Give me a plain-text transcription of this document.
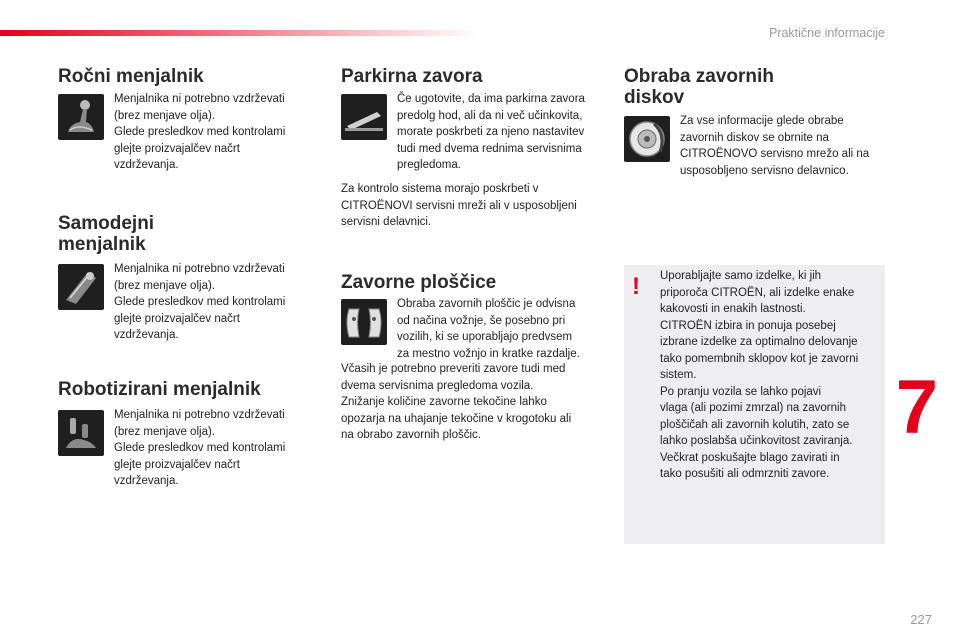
Praktične informacije
Ročni menjalnik
Menjalnika ni potrebno vzdrževati
(brez menjave olja).
Glede presledkov med kontrolami
glejte proizvajalčev načrt
vzdrževanja.
Samodejni
menjalnik
Menjalnika ni potrebno vzdrževati
(brez menjave olja).
Glede presledkov med kontrolami
glejte proizvajalčev načrt
vzdrževanja.
Robotizirani menjalnik
Menjalnika ni potrebno vzdrževati
(brez menjave olja).
Glede presledkov med kontrolami
glejte proizvajalčev načrt
vzdrževanja.
Parkirna zavora
Če ugotovite, da ima parkirna zavora
predolg hod, ali da ni več učinkovita,
morate poskrbeti za njeno nastavitev
tudi med dvema rednima servisnima
pregledoma.
Za kontrolo sistema morajo poskrbeti v
CITROËNOVI servisni mreži ali v usposobljeni
servisni delavnici.
Zavorne ploščice
Obraba zavornih ploščic je odvisna
od načina vožnje, še posebno pri
vozilih, ki se uporabljajo predvsem
za mestno vožnjo in kratke razdalje.
Včasih je potrebno preveriti zavore tudi med
dvema servisnima pregledoma vozila.
Znižanje količine zavorne tekočine lahko
opozarja na uhajanje tekočine v krogotoku ali
na obrabo zavornih ploščic.
Obraba zavornih
diskov
Za vse informacije glede obrabe
zavornih diskov se obrnite na
CITROËNOVO servisno mrežo ali na
usposobljeno servisno delavnico.
! Uporabljajte samo izdelke, ki jih
priporoča CITROËN, ali izdelke enake
kakovosti in enakih lastnosti.
CITROËN izbira in ponuja posebej
izbrane izdelke za optimalno delovanje
tako pomembnih sklopov kot je zavorni
sistem.
Po pranju vozila se lahko pojavi
vlaga (ali pozimi zmrzal) na zavornih
ploščičah ali zavornih kolutih, zato se
lahko poslabša učinkovitost zaviranja.
Večkrat poskušajte blago zavirati in
tako posušiti ali odmrzniti zavore.
7
227
